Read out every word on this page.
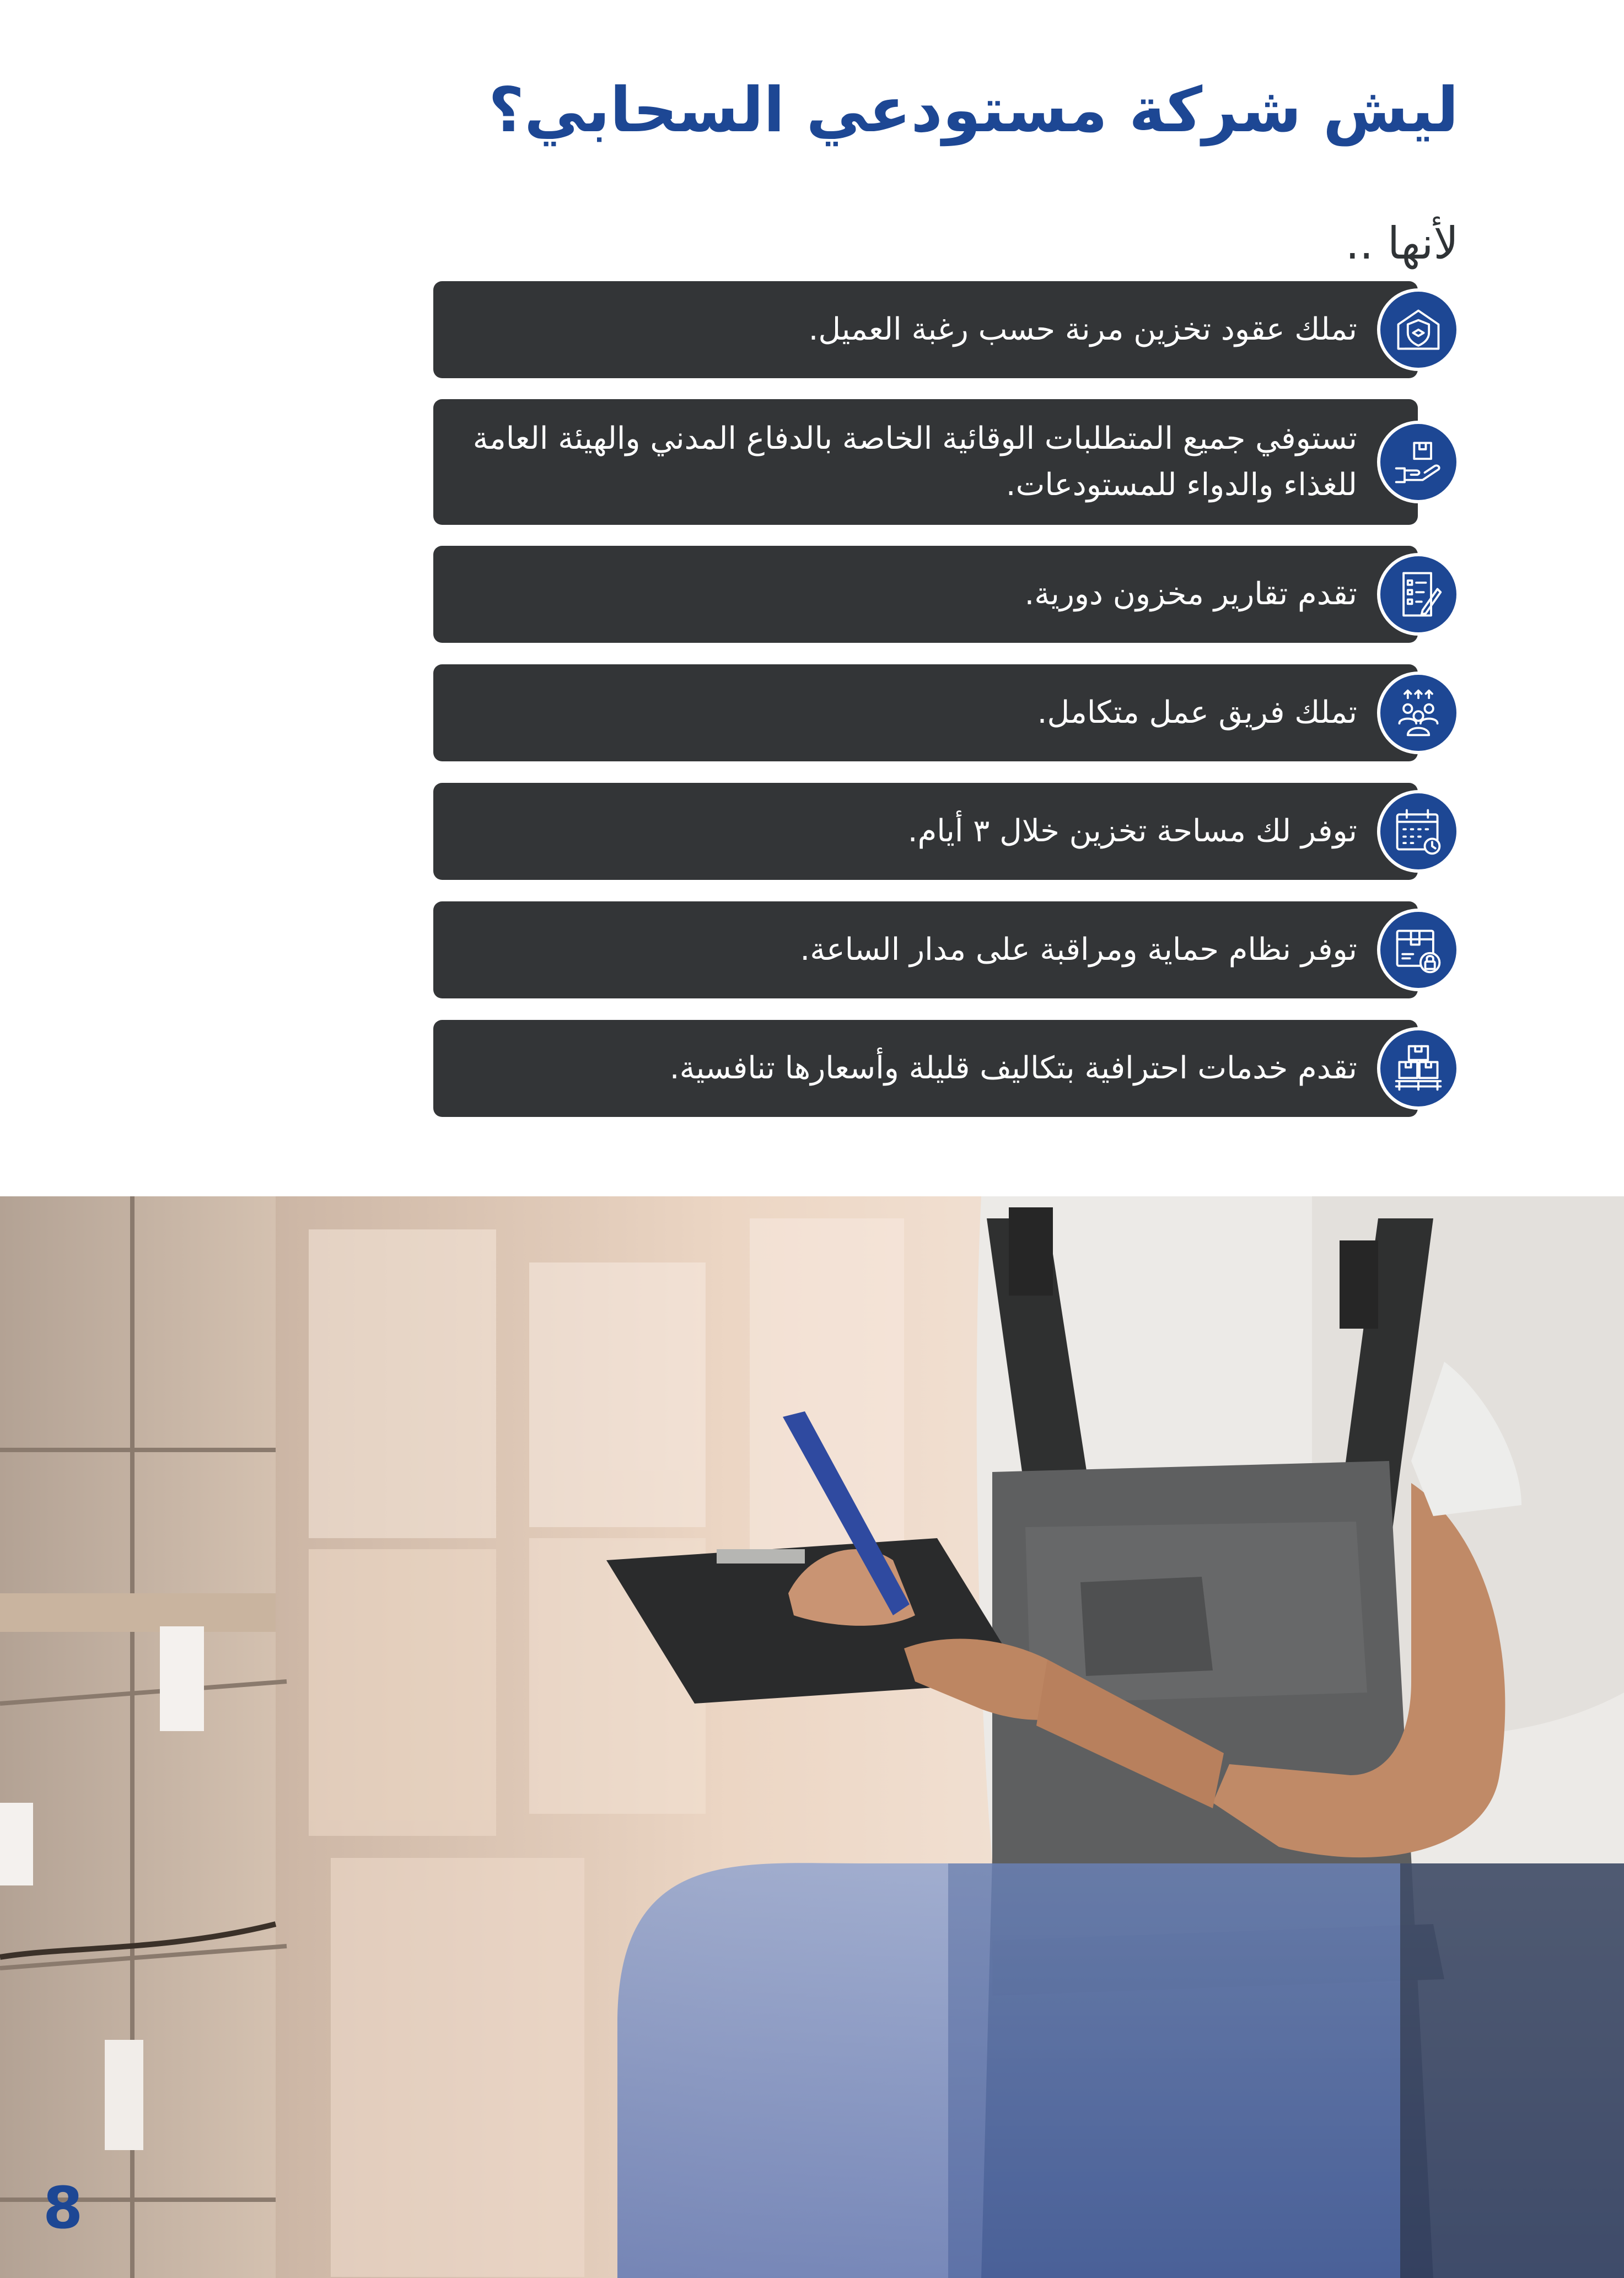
ليش شركة مستودعي السحابي؟

لأنها ..

تملك عقود تخزين مرنة حسب رغبة العميل.
تستوفي جميع المتطلبات الوقائية الخاصة بالدفاع المدني والهيئة العامة للغذاء والدواء للمستودعات.
تقدم تقارير مخزون دورية.
تملك فريق عمل متكامل.
توفر لك مساحة تخزين خلال ٣ أيام.
توفر نظام حماية ومراقبة على مدار الساعة.
تقدم خدمات احترافية بتكاليف قليلة وأسعارها تنافسية.
8
